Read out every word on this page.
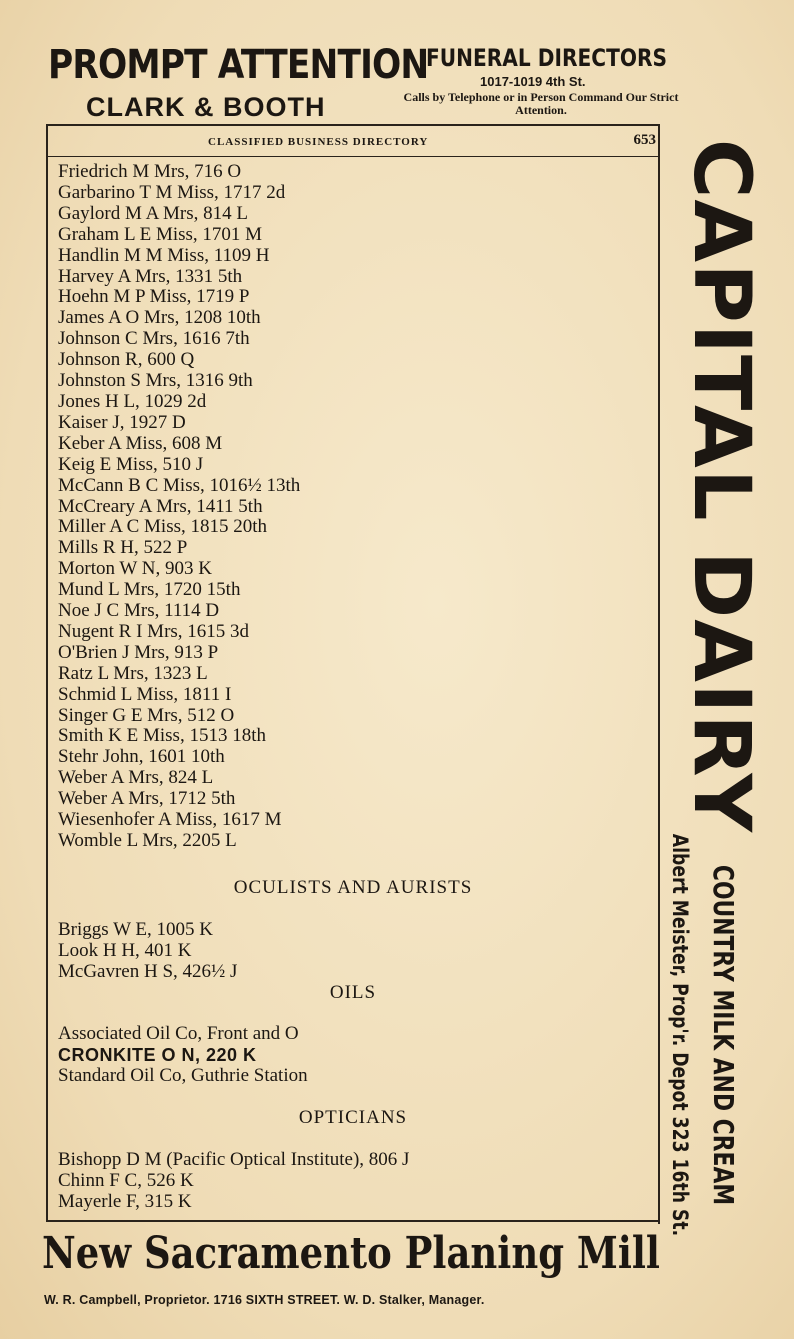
PROMPT ATTENTION
CLARK & BOOTH
FUNERAL DIRECTORS
1017-1019 4th St.
Calls by Telephone or in Person Command Our Strict Attention.
CLASSIFIED BUSINESS DIRECTORY	653
Friedrich M Mrs, 716 O
Garbarino T M Miss, 1717 2d
Gaylord M A Mrs, 814 L
Graham L E Miss, 1701 M
Handlin M M Miss, 1109 H
Harvey A Mrs, 1331 5th
Hoehn M P Miss, 1719 P
James A O Mrs, 1208 10th
Johnson C Mrs, 1616 7th
Johnson R, 600 Q
Johnston S Mrs, 1316 9th
Jones H L, 1029 2d
Kaiser J, 1927 D
Keber A Miss, 608 M
Keig E Miss, 510 J
McCann B C Miss, 1016½ 13th
McCreary A Mrs, 1411 5th
Miller A C Miss, 1815 20th
Mills R H, 522 P
Morton W N, 903 K
Mund L Mrs, 1720 15th
Noe J C Mrs, 1114 D
Nugent R I Mrs, 1615 3d
O'Brien J Mrs, 913 P
Ratz L Mrs, 1323 L
Schmid L Miss, 1811 I
Singer G E Mrs, 512 O
Smith K E Miss, 1513 18th
Stehr John, 1601 10th
Weber A Mrs, 824 L
Weber A Mrs, 1712 5th
Wiesenhofer A Miss, 1617 M
Womble L Mrs, 2205 L
OCULISTS AND AURISTS
Briggs W E, 1005 K
Look H H, 401 K
McGavren H S, 426½ J
OILS
Associated Oil Co, Front and O
CRONKITE O N, 220 K
Standard Oil Co, Guthrie Station
OPTICIANS
Bishopp D M (Pacific Optical Institute), 806 J
Chinn F C, 526 K
Mayerle F, 315 K
CAPITAL DAIRY
Albert Meister, Prop'r. Depot 323 16th St. COUNTRY MILK AND CREAM
New Sacramento Planing Mill
W. R. Campbell, Proprietor. 1716 SIXTH STREET. W. D. Stalker, Manager.
